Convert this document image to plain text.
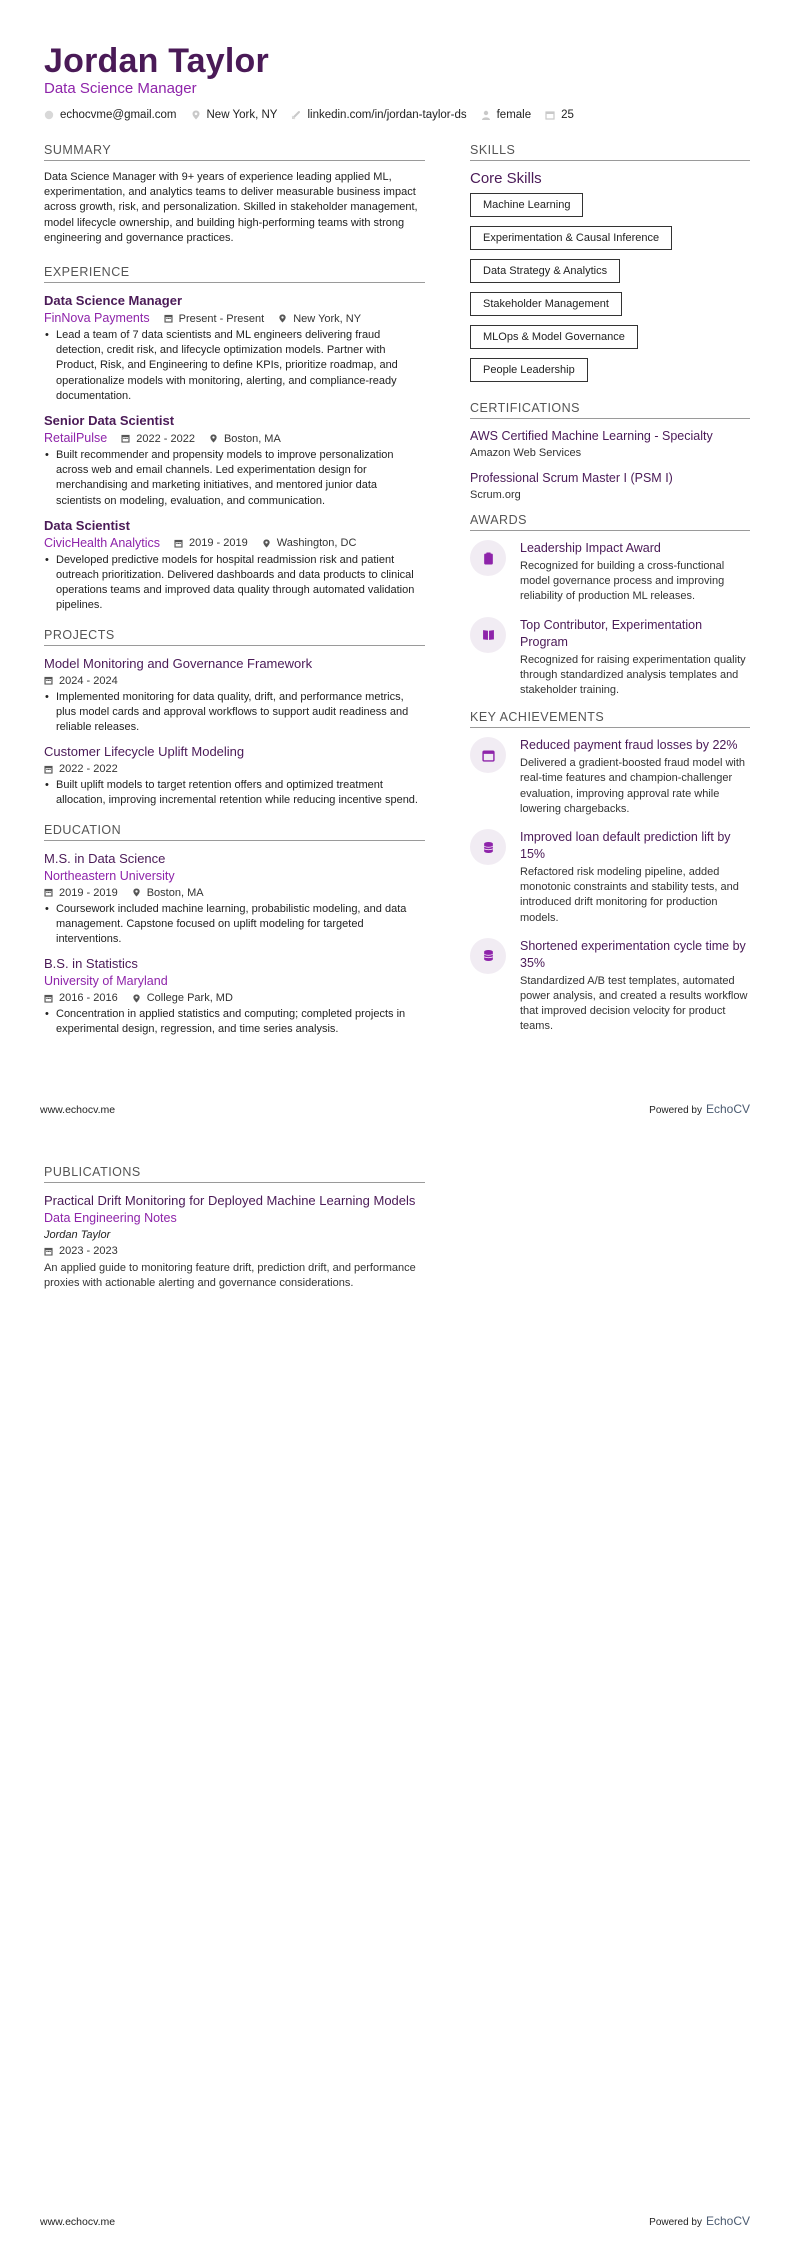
Jordan Taylor
Data Science Manager
echocvme@gmail.com	New York, NY	linkedin.com/in/jordan-taylor-ds	female	25
SUMMARY
Data Science Manager with 9+ years of experience leading applied ML, experimentation, and analytics teams to deliver measurable business impact across growth, risk, and personalization. Skilled in stakeholder management, model lifecycle ownership, and building high-performing teams with strong engineering and governance practices.
EXPERIENCE
Data Science Manager
FinNova Payments	Present - Present	New York, NY
• Lead a team of 7 data scientists and ML engineers delivering fraud detection, credit risk, and lifecycle optimization models. Partner with Product, Risk, and Engineering to define KPIs, prioritize roadmap, and operationalize models with monitoring, alerting, and compliance-ready documentation.
Senior Data Scientist
RetailPulse	2022 - 2022	Boston, MA
• Built recommender and propensity models to improve personalization across web and email channels. Led experimentation design for merchandising and marketing initiatives, and mentored junior data scientists on modeling, evaluation, and communication.
Data Scientist
CivicHealth Analytics	2019 - 2019	Washington, DC
• Developed predictive models for hospital readmission risk and patient outreach prioritization. Delivered dashboards and data products to clinical operations teams and improved data quality through automated validation pipelines.
PROJECTS
Model Monitoring and Governance Framework
2024 - 2024
• Implemented monitoring for data quality, drift, and performance metrics, plus model cards and approval workflows to support audit readiness and reliable releases.
Customer Lifecycle Uplift Modeling
2022 - 2022
• Built uplift models to target retention offers and optimized treatment allocation, improving incremental retention while reducing incentive spend.
EDUCATION
M.S. in Data Science
Northeastern University
2019 - 2019	Boston, MA
• Coursework included machine learning, probabilistic modeling, and data management. Capstone focused on uplift modeling for targeted interventions.
B.S. in Statistics
University of Maryland
2016 - 2016	College Park, MD
• Concentration in applied statistics and computing; completed projects in experimental design, regression, and time series analysis.
SKILLS
Core Skills
Machine Learning
Experimentation & Causal Inference
Data Strategy & Analytics
Stakeholder Management
MLOps & Model Governance
People Leadership
CERTIFICATIONS
AWS Certified Machine Learning - Specialty
Amazon Web Services
Professional Scrum Master I (PSM I)
Scrum.org
AWARDS
Leadership Impact Award
Recognized for building a cross-functional model governance process and improving reliability of production ML releases.
Top Contributor, Experimentation Program
Recognized for raising experimentation quality through standardized analysis templates and stakeholder training.
KEY ACHIEVEMENTS
Reduced payment fraud losses by 22%
Delivered a gradient-boosted fraud model with real-time features and champion-challenger evaluation, improving approval rate while lowering chargebacks.
Improved loan default prediction lift by 15%
Refactored risk modeling pipeline, added monotonic constraints and stability tests, and introduced drift monitoring for production models.
Shortened experimentation cycle time by 35%
Standardized A/B test templates, automated power analysis, and created a results workflow that improved decision velocity for product teams.
www.echocv.me	Powered by EchoCV
PUBLICATIONS
Practical Drift Monitoring for Deployed Machine Learning Models
Data Engineering Notes
Jordan Taylor
2023 - 2023
An applied guide to monitoring feature drift, prediction drift, and performance proxies with actionable alerting and governance considerations.
www.echocv.me	Powered by EchoCV
